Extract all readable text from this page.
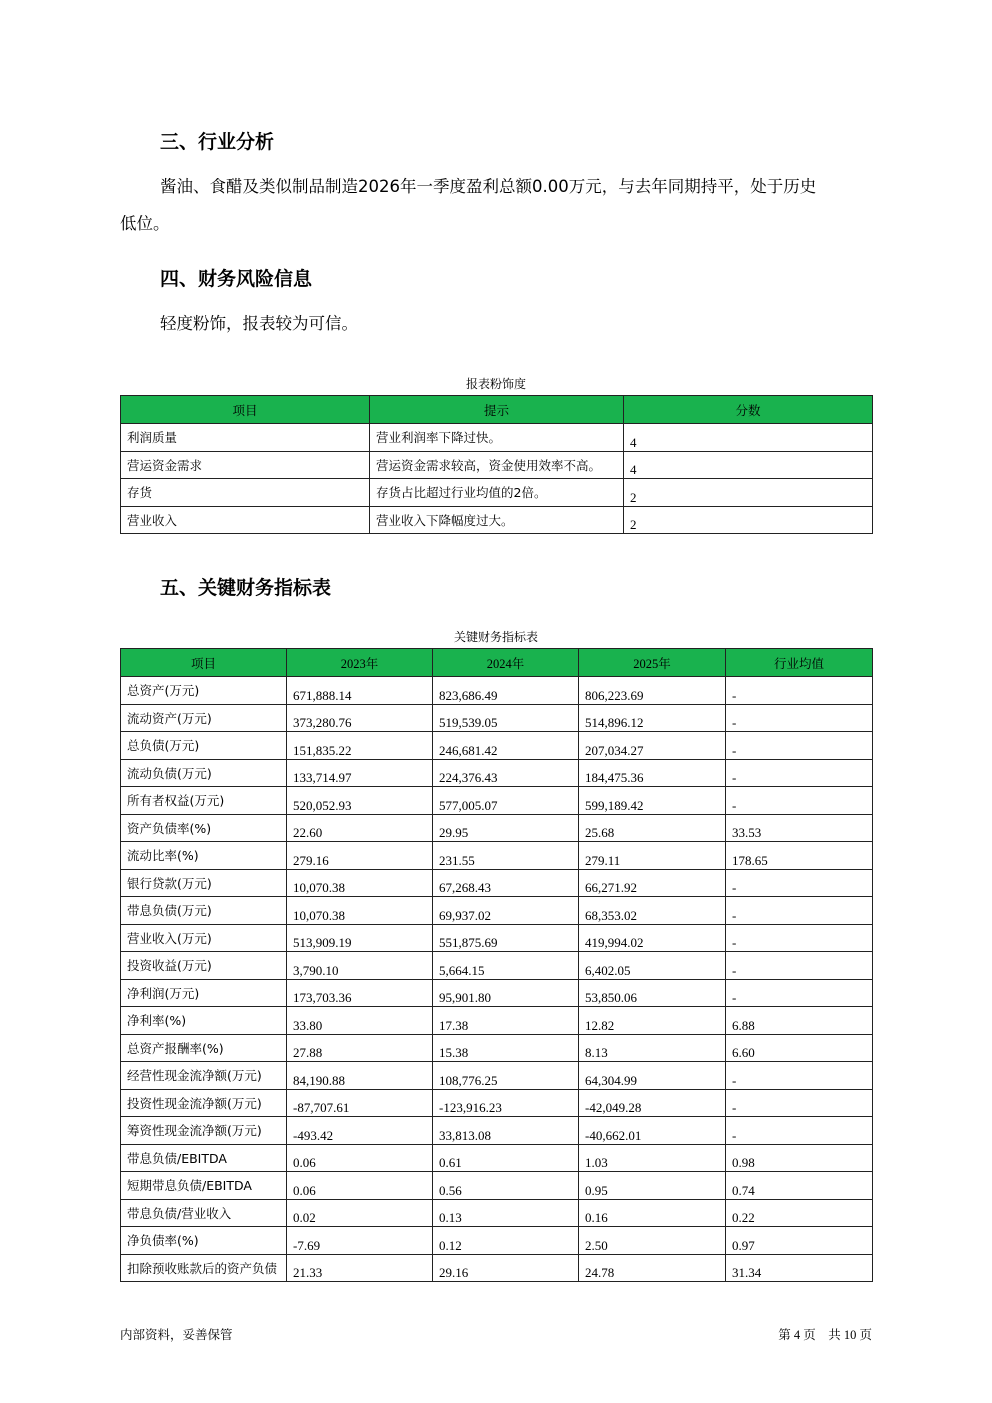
三、行业分析
酱油、食醋及类似制品制造2026年一季度盈利总额0.00万元，与去年同期持平，处于历史
低位。
四、财务风险信息
轻度粉饰，报表较为可信。
报表粉饰度
项目	提示	分数
利润质量	营业利润率下降过快。	4
营运资金需求	营运资金需求较高，资金使用效率不高。	4
存货	存货占比超过行业均值的2倍。	2
营业收入	营业收入下降幅度过大。	2
五、关键财务指标表
关键财务指标表
项目	2023年	2024年	2025年	行业均值
总资产(万元)	671,888.14	823,686.49	806,223.69	-
流动资产(万元)	373,280.76	519,539.05	514,896.12	-
总负债(万元)	151,835.22	246,681.42	207,034.27	-
流动负债(万元)	133,714.97	224,376.43	184,475.36	-
所有者权益(万元)	520,052.93	577,005.07	599,189.42	-
资产负债率(%)	22.60	29.95	25.68	33.53
流动比率(%)	279.16	231.55	279.11	178.65
银行贷款(万元)	10,070.38	67,268.43	66,271.92	-
带息负债(万元)	10,070.38	69,937.02	68,353.02	-
营业收入(万元)	513,909.19	551,875.69	419,994.02	-
投资收益(万元)	3,790.10	5,664.15	6,402.05	-
净利润(万元)	173,703.36	95,901.80	53,850.06	-
净利率(%)	33.80	17.38	12.82	6.88
总资产报酬率(%)	27.88	15.38	8.13	6.60
经营性现金流净额(万元)	84,190.88	108,776.25	64,304.99	-
投资性现金流净额(万元)	-87,707.61	-123,916.23	-42,049.28	-
筹资性现金流净额(万元)	-493.42	33,813.08	-40,662.01	-
带息负债/EBITDA	0.06	0.61	1.03	0.98
短期带息负债/EBITDA	0.06	0.56	0.95	0.74
带息负债/营业收入	0.02	0.13	0.16	0.22
净负债率(%)	-7.69	0.12	2.50	0.97
扣除预收账款后的资产负债	21.33	29.16	24.78	31.34
内部资料，妥善保管	第 4 页　共 10 页
